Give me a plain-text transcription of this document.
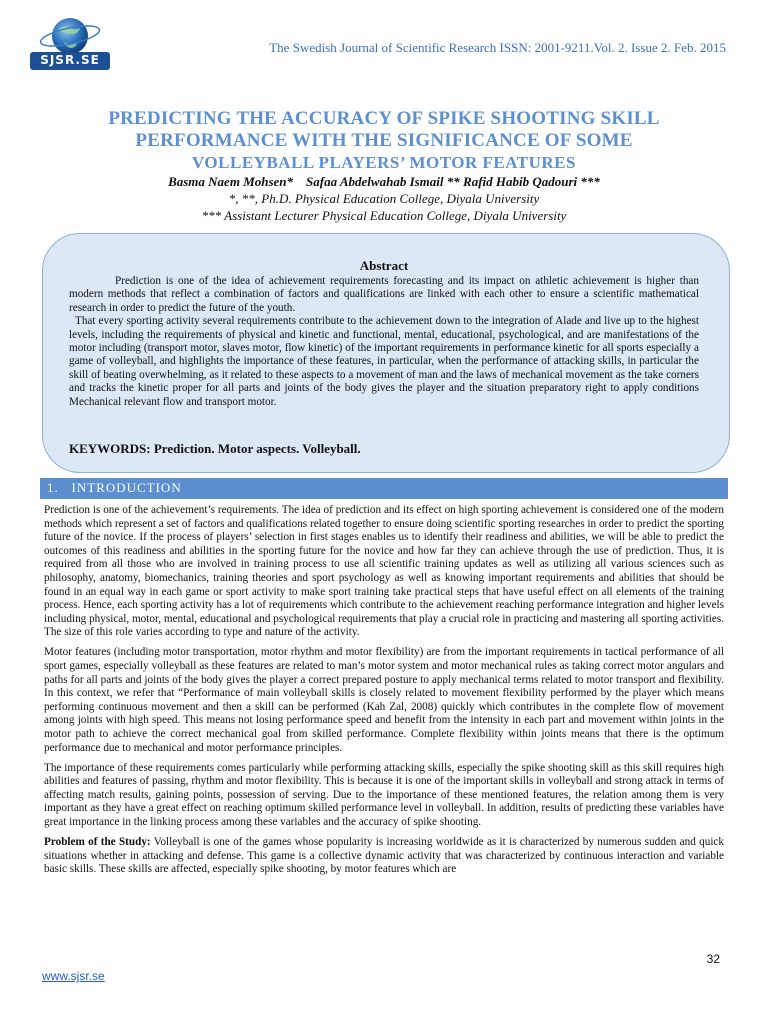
SJSR.SE
The Swedish Journal of Scientific Research ISSN: 2001-9211.Vol. 2. Issue 2. Feb. 2015
PREDICTING THE ACCURACY OF SPIKE SHOOTING SKILL
PERFORMANCE WITH THE SIGNIFICANCE OF SOME
VOLLEYBALL PLAYERS’ MOTOR FEATURES
Basma Naem Mohsen*    Safaa Abdelwahab Ismail ** Rafid Habib Qadouri ***
*, **, Ph.D. Physical Education College, Diyala University
*** Assistant Lecturer Physical Education College, Diyala University
Abstract

Prediction is one of the idea of achievement requirements forecasting and its impact on athletic achievement is higher than modern methods that reflect a combination of factors and qualifications are linked with each other to ensure a scientific mathematical research in order to predict the future of the youth.

That every sporting activity several requirements contribute to the achievement down to the integration of Alade and live up to the highest levels, including the requirements of physical and kinetic and functional, mental, educational, psychological, and are manifestations of the motor including (transport motor, slaves motor, flow kinetic) of the important requirements in performance kinetic for all sports especially a game of volleyball, and highlights the importance of these features, in particular, when the performance of attacking skills, in particular the skill of beating overwhelming, as it related to these aspects to a movement of man and the laws of mechanical movement as the take corners and tracks the kinetic proper for all parts and joints of the body gives the player and the situation preparatory right to apply conditions Mechanical relevant flow and transport motor.

KEYWORDS: Prediction. Motor aspects. Volleyball.
1.   INTRODUCTION

Prediction is one of the achievement’s requirements. The idea of prediction and its effect on high sporting achievement is considered one of the modern methods which represent a set of factors and qualifications related together to ensure doing scientific sporting researches in order to predict the sporting future of the novice. If the process of players’ selection in first stages enables us to identify their readiness and abilities, we will be able to predict the outcomes of this readiness and abilities in the sporting future for the novice and how far they can achieve through the use of prediction. Thus, it is required from all those who are involved in training process to use all scientific training updates as well as utilizing all various sciences such as philosophy, anatomy, biomechanics, training theories and sport psychology as well as knowing important requirements and abilities that should be found in an equal way in each game or sport activity to make sport training take practical steps that have useful effect on all elements of the training process. Hence, each sporting activity has a lot of requirements which contribute to the achievement reaching performance integration and higher levels including physical, motor, mental, educational and psychological requirements that play a crucial role in practicing and mastering all sporting activities. The size of this role varies according to type and nature of the activity.

Motor features (including motor transportation, motor rhythm and motor flexibility) are from the important requirements in tactical performance of all sport games, especially volleyball as these features are related to man’s motor system and motor mechanical rules as taking correct motor angulars and paths for all parts and joints of the body gives the player a correct prepared posture to apply mechanical terms related to motor transport and flexibility. In this context, we refer that “Performance of main volleyball skills is closely related to movement flexibility performed by the player which means performing continuous movement and then a skill can be performed (Kah Zal, 2008) quickly which contributes in the complete flow of movement among joints with high speed. This means not losing performance speed and benefit from the intensity in each part and movement within joints in the motor path to achieve the correct mechanical goal from skilled performance. Complete flexibility within joints means that there is the optimum performance due to mechanical and motor performance principles.

The importance of these requirements comes particularly while performing attacking skills, especially the spike shooting skill as this skill requires high abilities and features of passing, rhythm and motor flexibility. This is because it is one of the important skills in volleyball and strong attack in terms of affecting match results, gaining points, possession of serving. Due to the importance of these mentioned features, the relation among them is very important as they have a great effect on reaching optimum skilled performance level in volleyball. In addition, results of predicting these variables have great importance in the linking process among these variables and the accuracy of spike shooting.

Problem of the Study: Volleyball is one of the games whose popularity is increasing worldwide as it is characterized by numerous sudden and quick situations whether in attacking and defense. This game is a collective dynamic activity that was characterized by continuous interaction and variable basic skills. These skills are affected, especially spike shooting, by motor features which are

32
www.sjsr.se
